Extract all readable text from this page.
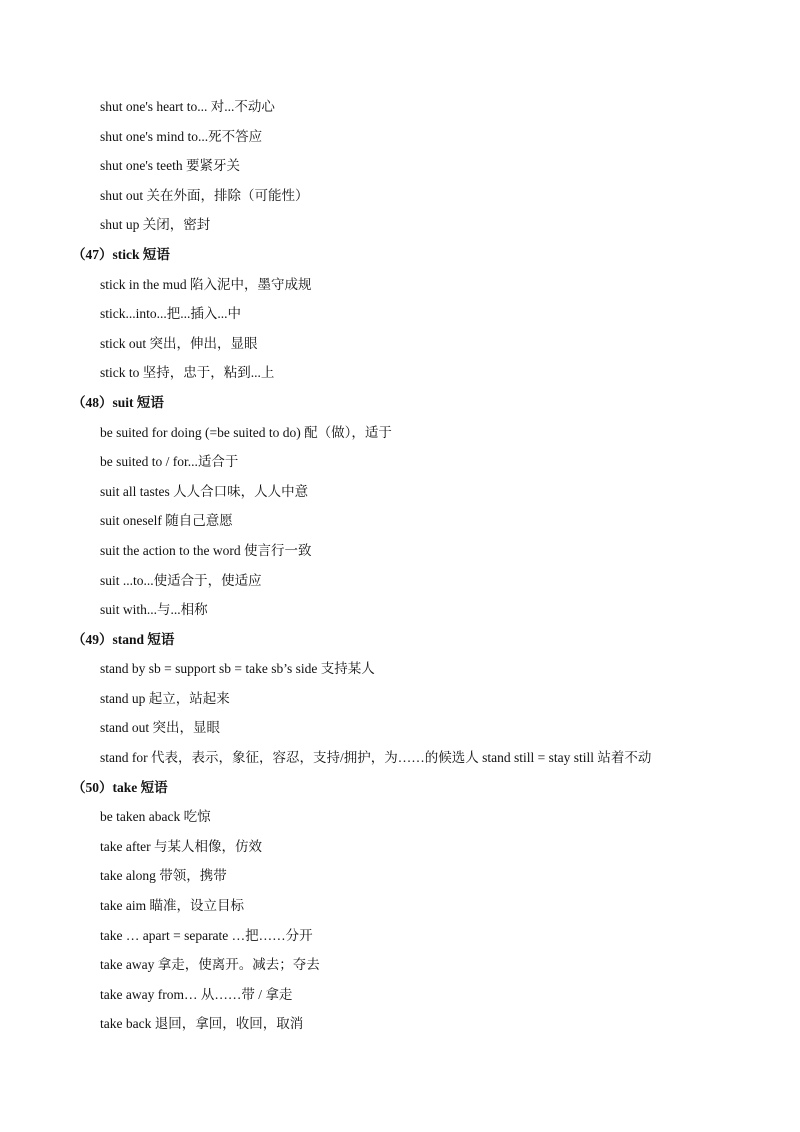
shut one's heart to... 对...不动心
shut one's mind to...死不答应
shut one's teeth 要紧牙关
shut out 关在外面，排除（可能性）
shut up 关闭，密封
（47）stick 短语
stick in the mud 陷入泥中，墨守成规
stick...into...把...插入...中
stick out 突出，伸出，显眼
stick to 坚持，忠于，粘到...上
（48）suit 短语
be suited for doing (=be suited to do) 配（做），适于
be suited to / for...适合于
suit all tastes 人人合口味，人人中意
suit oneself 随自己意愿
suit the action to the word 使言行一致
suit ...to...使适合于，使适应
suit with...与...相称
（49）stand 短语
stand by sb = support sb = take sb’s side 支持某人
stand up 起立，站起来
stand out 突出，显眼
stand for 代表，表示，象征，容忍，支持/拥护，为……的候选人 stand still = stay still 站着不动
（50）take 短语
be taken aback 吃惊
take after 与某人相像，仿效
take along 带领，携带
take aim 瞄准，设立目标
take … apart = separate …把……分开
take away 拿走，使离开。减去；夺去
take away from… 从……带 / 拿走
take back 退回，拿回，收回，取消
